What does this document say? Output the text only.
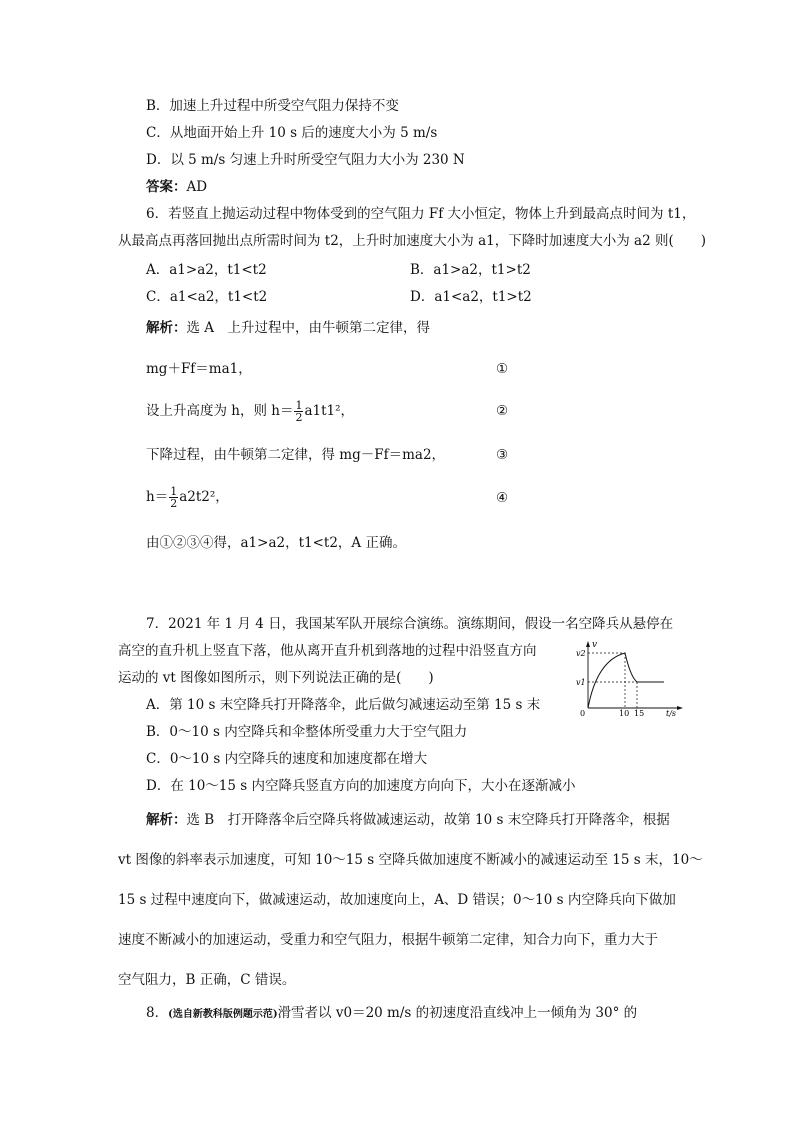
B．加速上升过程中所受空气阻力保持不变
C．从地面开始上升 10 s 后的速度大小为 5 m/s
D．以 5 m/s 匀速上升时所受空气阻力大小为 230 N
答案：AD
6．若竖直上抛运动过程中物体受到的空气阻力 Ff 大小恒定，物体上升到最高点时间为 t1，
从最高点再落回抛出点所需时间为 t2，上升时加速度大小为 a1，下降时加速度大小为 a2 则(　　)
A．a1>a2，t1<t2	B．a1>a2，t1>t2
C．a1<a2，t1<t2	D．a1<a2，t1>t2
解析：选 A　上升过程中，由牛顿第二定律，得
mg＋Ff＝ma1，	①
设上升高度为 h，则 $h= \frac{1}{2} a1t1^2$，	②
下降过程，由牛顿第二定律，得 mg－Ff＝ma2，	③
$h= \frac{1}{2} a2t2^2$，	④
由①②③④得，a1>a2，t1<t2，A 正确。
7．2021 年 1 月 4 日，我国某军队开展综合演练。演练期间，假设一名空降兵从悬停在
高空的直升机上竖直下落，他从离开直升机到落地的过程中沿竖直方向
运动的 vt 图像如图所示，则下列说法正确的是(　　)
A．第 10 s 末空降兵打开降落伞，此后做匀减速运动至第 15 s 末
B．0～10 s 内空降兵和伞整体所受重力大于空气阻力
C．0～10 s 内空降兵的速度和加速度都在增大
D．在 10～15 s 内空降兵竖直方向的加速度方向向下，大小在逐渐减小
v
v2
v1
0	10 15	t/s
解析：选 B　打开降落伞后空降兵将做减速运动，故第 10 s 末空降兵打开降落伞，根据
vt 图像的斜率表示加速度，可知 10～15 s 空降兵做加速度不断减小的减速运动至 15 s 末，10～
15 s 过程中速度向下，做减速运动，故加速度向上，A、D 错误；0～10 s 内空降兵向下做加
速度不断减小的加速运动，受重力和空气阻力，根据牛顿第二定律，知合力向下，重力大于
空气阻力，B 正确，C 错误。
8．(选自新教科版例题示范)滑雪者以 v0＝20 m/s 的初速度沿直线冲上一倾角为 30° 的
